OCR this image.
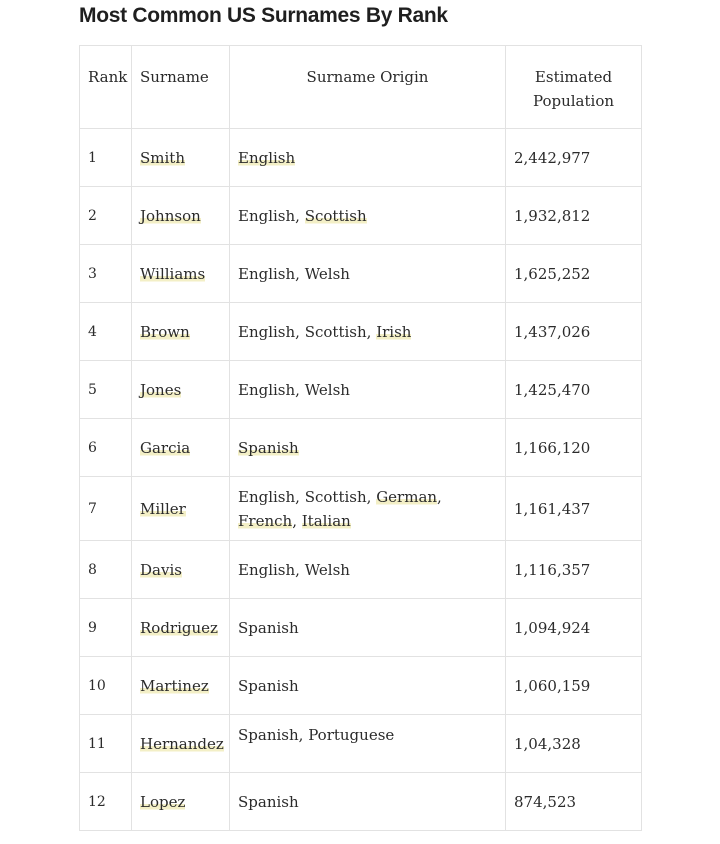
Most Common US Surnames By Rank
Rank	Surname	Surname Origin	Estimated Population
1	Smith	English	2,442,977
2	Johnson	English, Scottish	1,932,812
3	Williams	English, Welsh	1,625,252
4	Brown	English, Scottish, Irish	1,437,026
5	Jones	English, Welsh	1,425,470
6	Garcia	Spanish	1,166,120
7	Miller	English, Scottish, German, French, Italian	1,161,437
8	Davis	English, Welsh	1,116,357
9	Rodriguez	Spanish	1,094,924
10	Martinez	Spanish	1,060,159
11	Hernandez	Spanish, Portuguese	1,04,328
12	Lopez	Spanish	874,523
